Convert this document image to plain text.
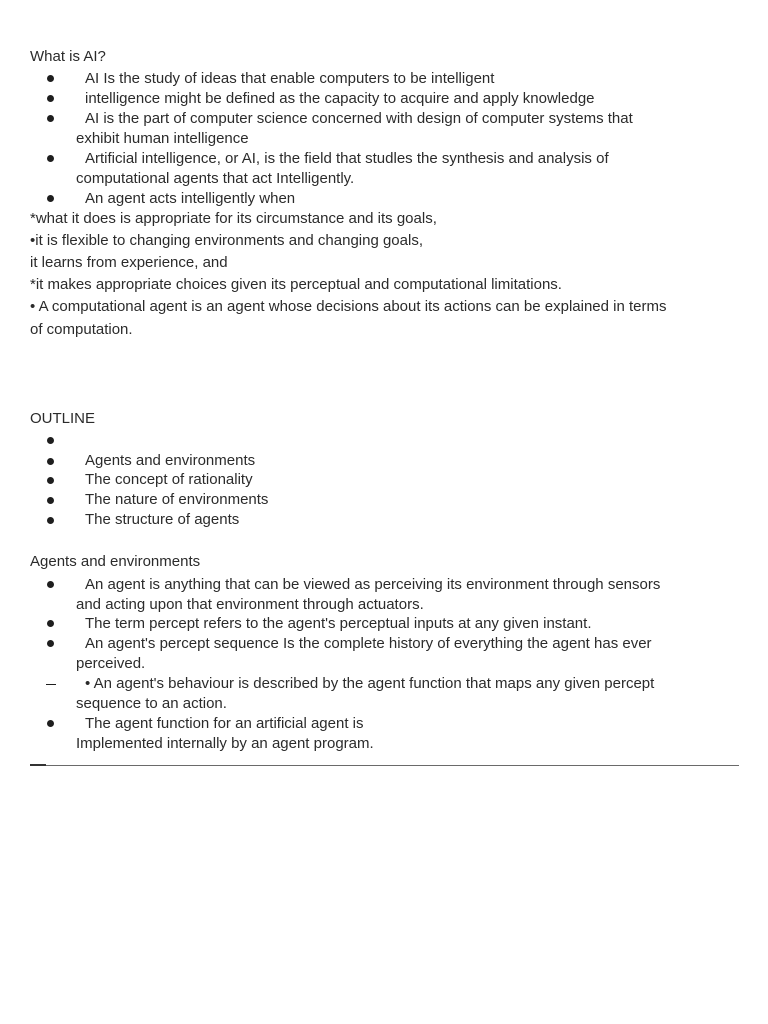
What is AI?
AI Is the study of ideas that enable computers to be intelligent
intelligence might be defined as the capacity to acquire and apply knowledge
AI is the part of computer science concerned with design of computer systems that
exhibit human intelligence
Artificial intelligence, or AI, is the field that studles the synthesis and analysis of
computational agents that act Intelligently.
An agent acts intelligently when
*what it does is appropriate for its circumstance and its goals,
•it is flexible to changing environments and changing goals,
it learns from experience, and
*it makes appropriate choices given its perceptual and computational limitations.
• A computational agent is an agent whose decisions about its actions can be explained in terms
of computation.
OUTLINE
Agents and environments
The concept of rationality
The nature of environments
The structure of agents
Agents and environments
An agent is anything that can be viewed as perceiving its environment through sensors
and acting upon that environment through actuators.
The term percept refers to the agent's perceptual inputs at any given instant.
An agent's percept sequence Is the complete history of everything the agent has ever
perceived.
• An agent's behaviour is described by the agent function that maps any given percept
sequence to an action.
The agent function for an artificial agent is
Implemented internally by an agent program.
